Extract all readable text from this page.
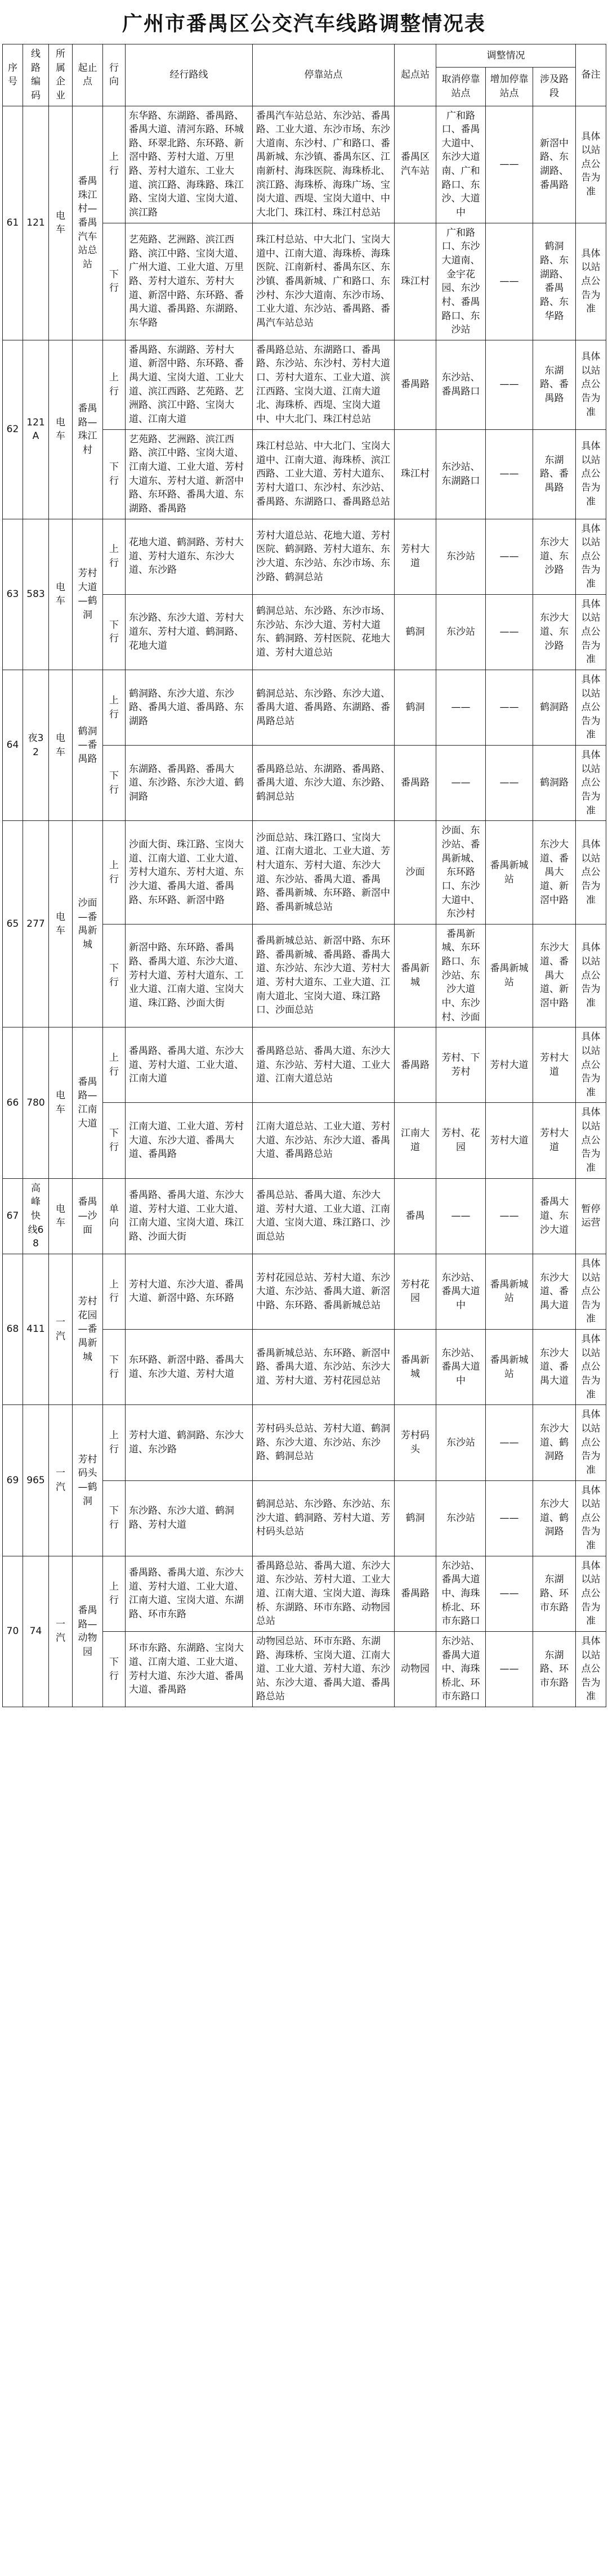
广州市番禺区公交汽车线路调整情况表
序号	线路编码	所属企业	起止点	行向	经行路线	停靠站点	起点站	调整情况			备注
								取消停靠站点	增加停靠站点	涉及路段	
61	121	电车	番禺珠江村—番禺汽车站总站	上行	东华路、东湖路、番禺路、番禺大道、清河东路、环城路、环翠北路、东环路、新滘中路、芳村大道、万里路、芳村大道东、工业大道、滨江路、海珠路、珠江路、宝岗大道、宝岗大道、滨江路	番禺汽车站总站、东沙站、番禺路、工业大道、东沙市场、东沙大道南、东沙村、广和路口、番禺新城、东沙镇、番禺东区、江南新村、海珠医院、海珠桥北、滨江路、海珠桥、海珠广场、宝岗大道、西堤、宝岗大道中、中大北门、珠江村、珠江村总站	番禺区汽车站	广和路口、番禺大道中、东沙大道南、广和路口、东沙、大道中	——	新滘中路、东湖路、番禺路	具体以站点公告为准
				下行	艺苑路、艺洲路、滨江西路、滨江中路、宝岗大道、广州大道、工业大道、万里路、芳村大道东、芳村大道、新滘中路、东环路、番禺大道、番禺路、东湖路、东华路	珠江村总站、中大北门、宝岗大道中、江南大道、海珠桥、海珠医院、江南新村、番禺东区、东沙镇、番禺新城、广和路口、东沙村、东沙大道南、东沙市场、工业大道、东沙站、番禺路、番禺汽车站总站	珠江村	广和路口、东沙大道南、金宇花园、东沙村、番禺路口、东沙站	——	鹤洞路、东湖路、番禺路、东华路	具体以站点公告为准
62	121A	电车	番禺路—珠江村	上行	番禺路、东湖路、芳村大道、新滘中路、东环路、番禺大道、宝岗大道、工业大道、滨江西路、艺苑路、艺洲路、滨江中路、宝岗大道、江南大道	番禺路总站、东湖路口、番禺路、东沙站、东沙村、芳村大道口、芳村大道东、工业大道、滨江西路、宝岗大道、江南大道北、海珠桥、西堤、宝岗大道中、中大北门、珠江村总站	番禺路	东沙站、番禺路口	——	东湖路、番禺路	具体以站点公告为准
				下行	艺苑路、艺洲路、滨江西路、滨江中路、宝岗大道、江南大道、工业大道、芳村大道东、芳村大道、新滘中路、东环路、番禺大道、东湖路、番禺路	珠江村总站、中大北门、宝岗大道中、江南大道、海珠桥、滨江西路、工业大道、芳村大道东、芳村大道口、东沙村、东沙站、番禺路、东湖路口、番禺路总站	珠江村	东沙站、东湖路口	——	东湖路、番禺路	具体以站点公告为准
63	583	电车	芳村大道—鹤洞	上行	花地大道、鹤洞路、芳村大道、芳村大道东、东沙大道、东沙路	芳村大道总站、花地大道、芳村医院、鹤洞路、芳村大道东、东沙大道、东沙站、东沙市场、东沙路、鹤洞总站	芳村大道	东沙站	——	东沙大道、东沙路	具体以站点公告为准
				下行	东沙路、东沙大道、芳村大道东、芳村大道、鹤洞路、花地大道	鹤洞总站、东沙路、东沙市场、东沙站、东沙大道、芳村大道东、鹤洞路、芳村医院、花地大道、芳村大道总站	鹤洞	东沙站	——	东沙大道、东沙路	具体以站点公告为准
64	夜32	电车	鹤洞—番禺路	上行	鹤洞路、东沙大道、东沙路、番禺大道、番禺路、东湖路	鹤洞总站、东沙路、东沙大道、番禺大道、番禺路、东湖路、番禺路总站	鹤洞	——	——	鹤洞路	具体以站点公告为准
				下行	东湖路、番禺路、番禺大道、东沙路、东沙大道、鹤洞路	番禺路总站、东湖路、番禺路、番禺大道、东沙大道、东沙路、鹤洞总站	番禺路	——	——	鹤洞路	具体以站点公告为准
65	277	电车	沙面—番禺新城	上行	沙面大街、珠江路、宝岗大道、江南大道、工业大道、芳村大道东、芳村大道、东沙大道、番禺大道、番禺路、东环路、新滘中路	沙面总站、珠江路口、宝岗大道、江南大道北、工业大道、芳村大道东、芳村大道、东沙大道、东沙站、番禺大道、番禺路、番禺新城、东环路、新滘中路、番禺新城总站	沙面	沙面、东沙站、番禺新城、东环路口、东沙大道中、东沙村	番禺新城站	东沙大道、番禺大道、新滘中路	具体以站点公告为准
				下行	新滘中路、东环路、番禺路、番禺大道、东沙大道、芳村大道、芳村大道东、工业大道、江南大道、宝岗大道、珠江路、沙面大街	番禺新城总站、新滘中路、东环路、番禺新城、番禺路、番禺大道、东沙站、东沙大道、芳村大道、芳村大道东、工业大道、江南大道北、宝岗大道、珠江路口、沙面总站	番禺新城	番禺新城、东环路口、东沙站、东沙大道中、东沙村、沙面	番禺新城站	东沙大道、番禺大道、新滘中路	具体以站点公告为准
66	780	电车	番禺路—江南大道	上行	番禺路、番禺大道、东沙大道、芳村大道、工业大道、江南大道	番禺路总站、番禺大道、东沙大道、东沙站、芳村大道、工业大道、江南大道总站	番禺路	芳村、下芳村	芳村大道	芳村大道	具体以站点公告为准
				下行	江南大道、工业大道、芳村大道、东沙大道、番禺大道、番禺路	江南大道总站、工业大道、芳村大道、东沙站、东沙大道、番禺大道、番禺路总站	江南大道	芳村、花园	芳村大道	芳村大道	具体以站点公告为准
67	高峰快线68	电车	番禺—沙面	单向	番禺路、番禺大道、东沙大道、芳村大道、工业大道、江南大道、宝岗大道、珠江路、沙面大街	番禺总站、番禺大道、东沙大道、芳村大道、工业大道、江南大道、宝岗大道、珠江路口、沙面总站	番禺	——	——	番禺大道、东沙大道	暂停运营
68	411	一汽	芳村花园—番禺新城	上行	芳村大道、东沙大道、番禺大道、新滘中路、东环路	芳村花园总站、芳村大道、东沙大道、东沙站、番禺大道、新滘中路、东环路、番禺新城总站	芳村花园	东沙站、番禺大道中	番禺新城站	东沙大道、番禺大道	具体以站点公告为准
				下行	东环路、新滘中路、番禺大道、东沙大道、芳村大道	番禺新城总站、东环路、新滘中路、番禺大道、东沙站、东沙大道、芳村大道、芳村花园总站	番禺新城	东沙站、番禺大道中	番禺新城站	东沙大道、番禺大道	具体以站点公告为准
69	965	一汽	芳村码头—鹤洞	上行	芳村大道、鹤洞路、东沙大道、东沙路	芳村码头总站、芳村大道、鹤洞路、东沙大道、东沙站、东沙路、鹤洞总站	芳村码头	东沙站	——	东沙大道、鹤洞路	具体以站点公告为准
				下行	东沙路、东沙大道、鹤洞路、芳村大道	鹤洞总站、东沙路、东沙站、东沙大道、鹤洞路、芳村大道、芳村码头总站	鹤洞	东沙站	——	东沙大道、鹤洞路	具体以站点公告为准
70	74	一汽	番禺路—动物园	上行	番禺路、番禺大道、东沙大道、芳村大道、工业大道、江南大道、宝岗大道、东湖路、环市东路	番禺路总站、番禺大道、东沙大道、东沙站、芳村大道、工业大道、江南大道、宝岗大道、海珠桥、东湖路、环市东路、动物园总站	番禺路	东沙站、番禺大道中、海珠桥北、环市东路口	——	东湖路、环市东路	具体以站点公告为准
				下行	环市东路、东湖路、宝岗大道、江南大道、工业大道、芳村大道、东沙大道、番禺大道、番禺路	动物园总站、环市东路、东湖路、海珠桥、宝岗大道、江南大道、工业大道、芳村大道、东沙站、东沙大道、番禺大道、番禺路总站	动物园	东沙站、番禺大道中、海珠桥北、环市东路口	——	东湖路、环市东路	具体以站点公告为准
